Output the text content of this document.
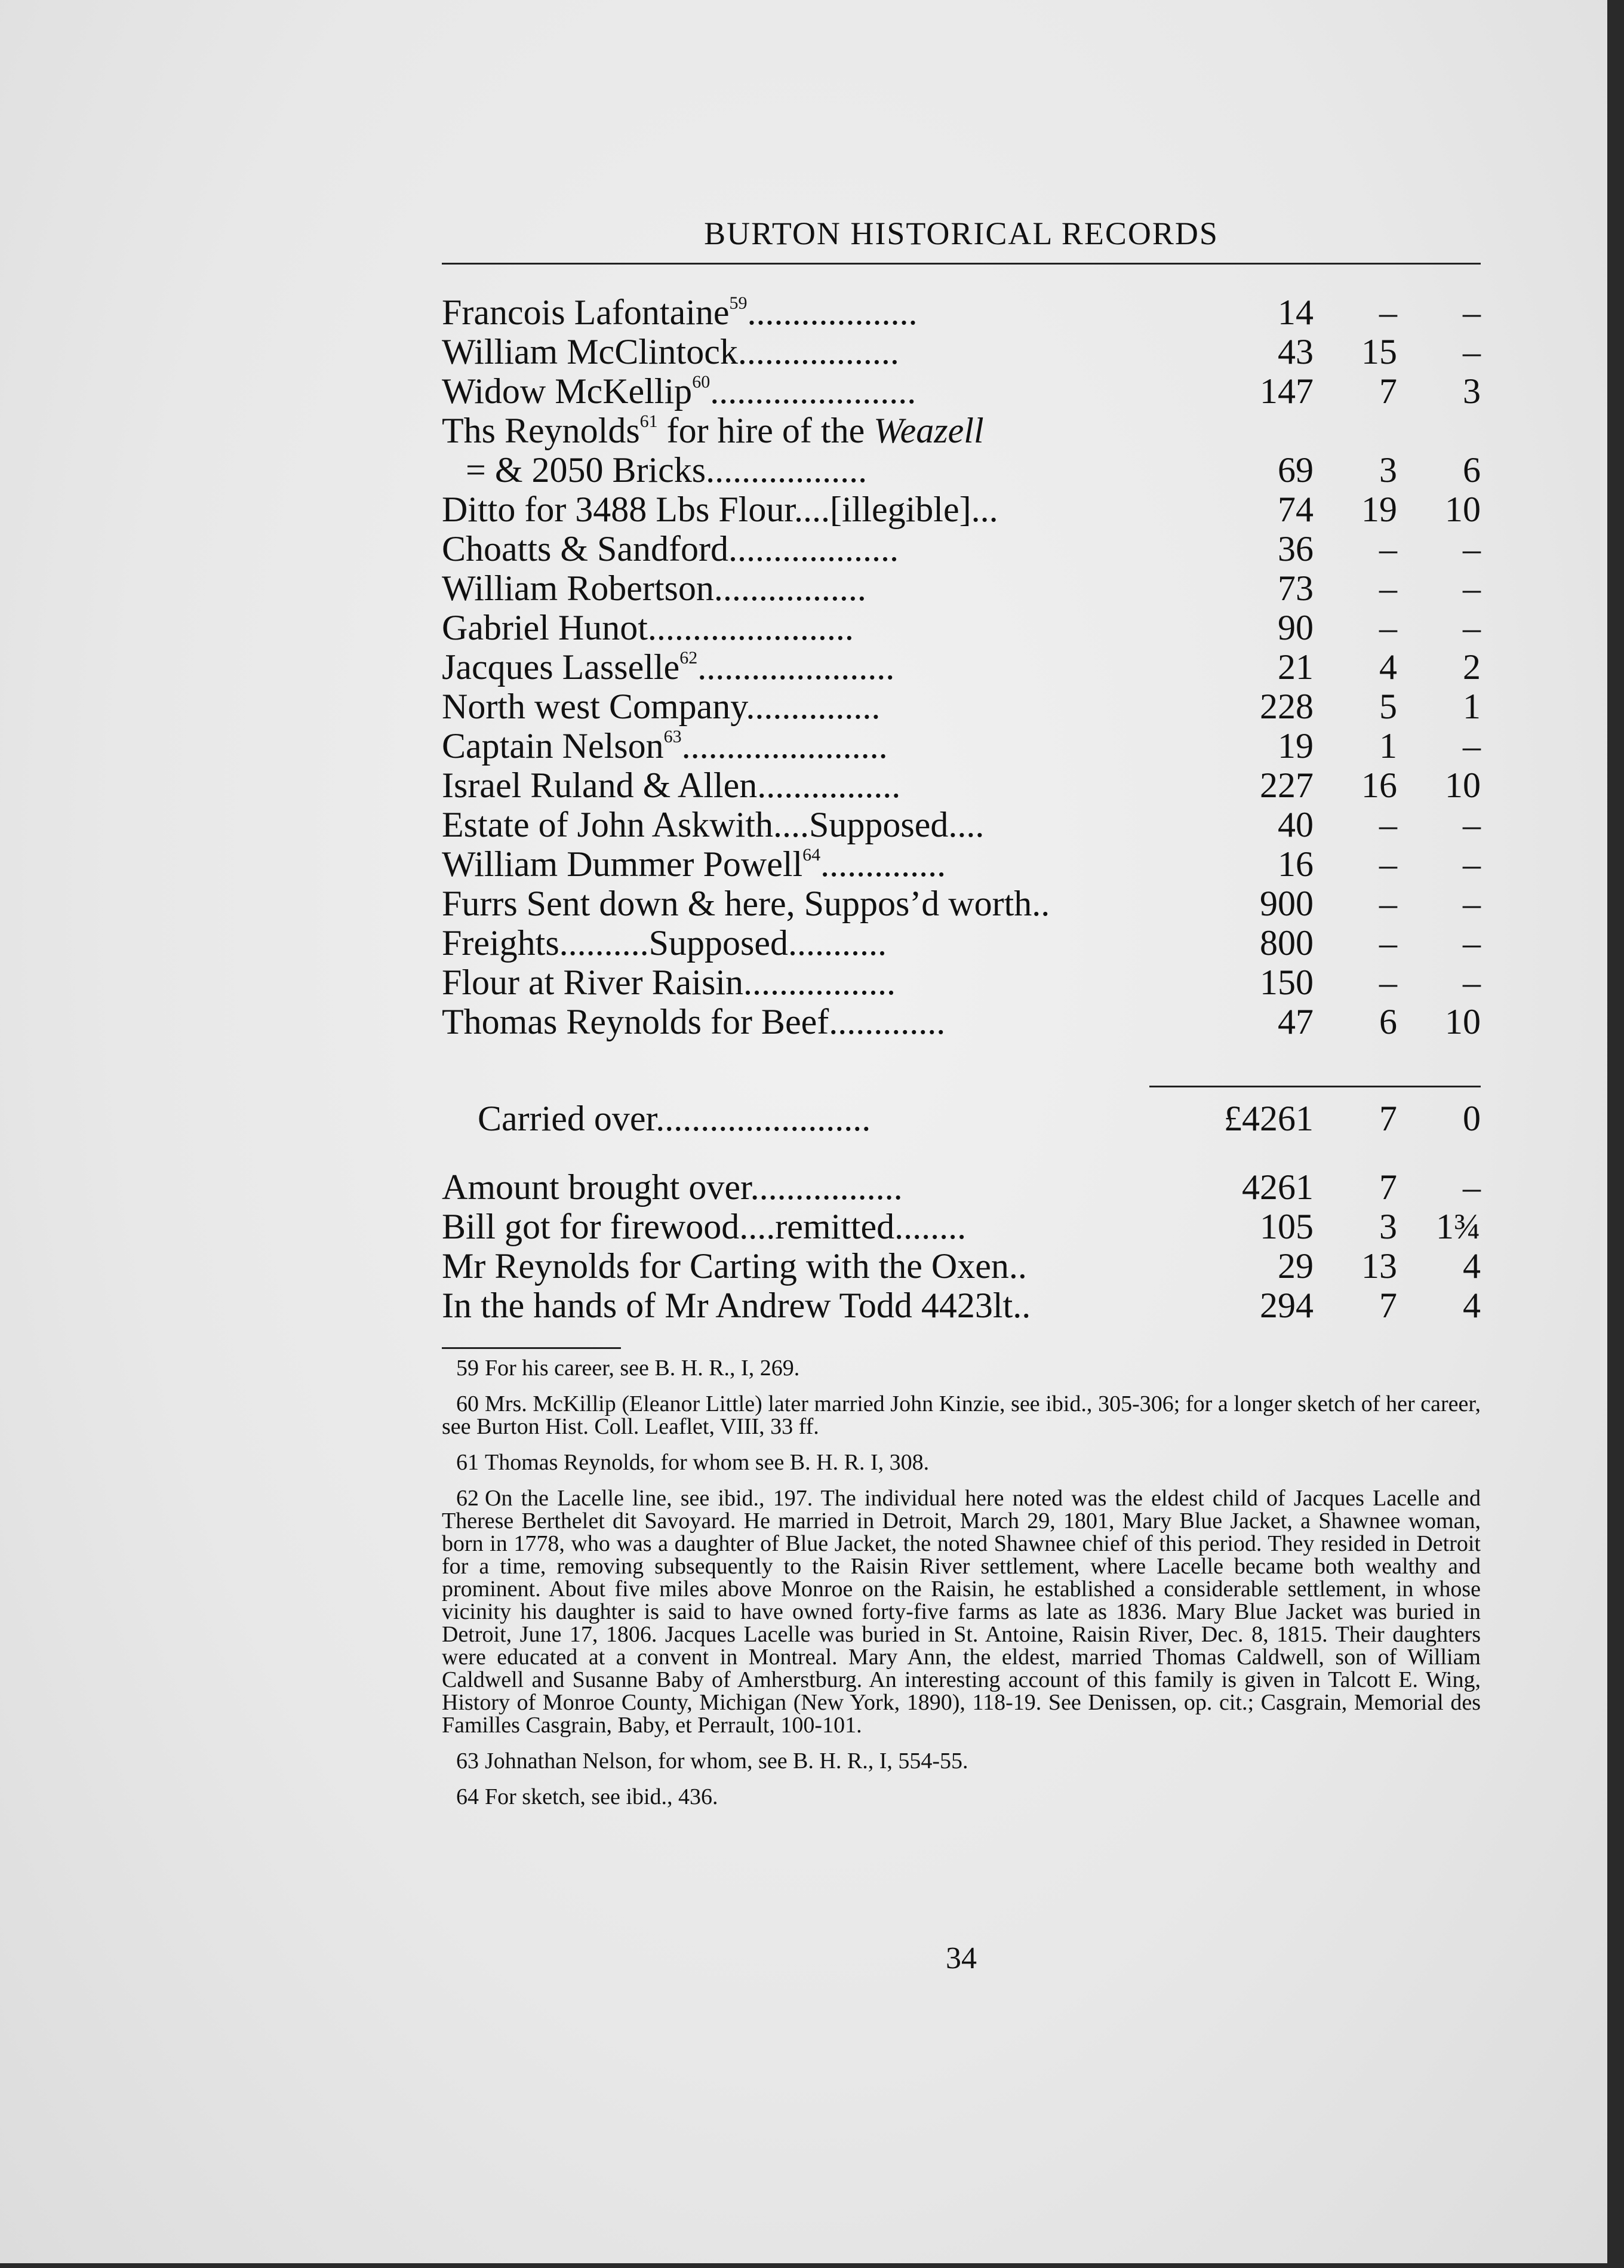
BURTON HISTORICAL RECORDS
Francois Lafontaine$^{59}$...................	14	–	–
William McClintock..................	43	15	–
Widow McKellip$^{60}$.......................	147	7	3
Ths Reynolds$^{61}$ for hire of the Weazell
= & 2050 Bricks..................	69	3	6
Ditto for 3488 Lbs Flour....[illegible]...	74	19	10
Choatts & Sandford...................	36	–	–
William Robertson.................	73	–	–
Gabriel Hunot.......................	90	–	–
Jacques Lasselle$^{62}$......................	21	4	2
North west Company...............	228	5	1
Captain Nelson$^{63}$.......................	19	1	–
Israel Ruland & Allen................	227	16	10
Estate of John Askwith....Supposed....	40	–	–
William Dummer Powell$^{64}$..............	16	–	–
Furrs Sent down & here, Suppos’d worth..	900	–	–
Freights..........Supposed...........	800	–	–
Flour at River Raisin.................	150	–	–
Thomas Reynolds for Beef.............	47	6	10
Carried over........................	£4261	7	0
Amount brought over.................	4261	7	–
Bill got for firewood....remitted........	105	3	1¾
Mr Reynolds for Carting with the Oxen..	29	13	4
In the hands of Mr Andrew Todd 4423lt..	294	7	4
59 For his career, see B. H. R., I, 269.
60 Mrs. McKillip (Eleanor Little) later married John Kinzie, see ibid., 305-306; for a longer sketch of her career, see Burton Hist. Coll. Leaflet, VIII, 33 ff.
61 Thomas Reynolds, for whom see B. H. R. I, 308.
62 On the Lacelle line, see ibid., 197. The individual here noted was the eldest child of Jacques Lacelle and Therese Berthelet dit Savoyard. He married in Detroit, March 29, 1801, Mary Blue Jacket, a Shawnee woman, born in 1778, who was a daughter of Blue Jacket, the noted Shawnee chief of this period. They resided in Detroit for a time, removing subsequently to the Raisin River settlement, where Lacelle became both wealthy and prominent. About five miles above Monroe on the Raisin, he established a considerable settlement, in whose vicinity his daughter is said to have owned forty-five farms as late as 1836. Mary Blue Jacket was buried in Detroit, June 17, 1806. Jacques Lacelle was buried in St. Antoine, Raisin River, Dec. 8, 1815. Their daughters were educated at a convent in Montreal. Mary Ann, the eldest, married Thomas Caldwell, son of William Caldwell and Susanne Baby of Amherstburg. An interesting account of this family is given in Talcott E. Wing, History of Monroe County, Michigan (New York, 1890), 118-19. See Denissen, op. cit.; Casgrain, Memorial des Familles Casgrain, Baby, et Perrault, 100-101.
63 Johnathan Nelson, for whom, see B. H. R., I, 554-55.
64 For sketch, see ibid., 436.
34
